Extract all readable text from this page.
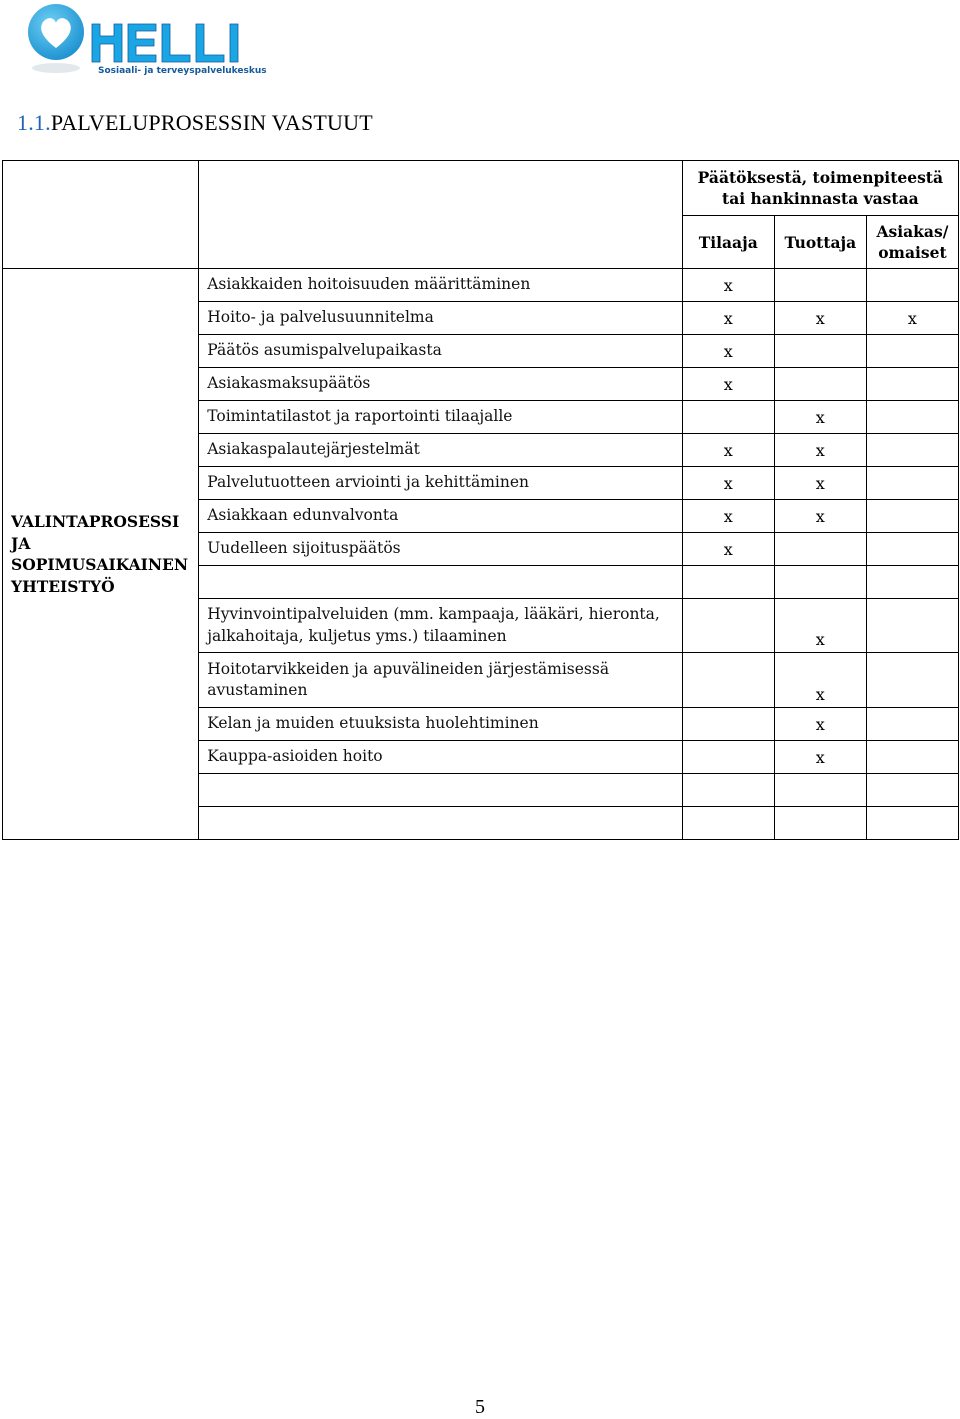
Sosiaali- ja terveyspalvelukeskus
1.1.PALVELUPROSESSIN VASTUUT
		Päätöksestä, toimenpiteestä tai hankinnasta vastaa		
		Tilaaja	Tuottaja	Asiakas/ omaiset
VALINTAPROSESSI JA SOPIMUSAIKAINEN YHTEISTYÖ	Asiakkaiden hoitoisuuden määrittäminen	x		
	Hoito- ja palvelusuunnitelma	x	x	x
	Päätös asumispalvelupaikasta	x		
	Asiakasmaksupäätös	x		
	Toimintatilastot ja raportointi tilaajalle		x	
	Asiakaspalautejärjestelmät	x	x	
	Palvelutuotteen arviointi ja kehittäminen	x	x	
	Asiakkaan edunvalvonta	x	x	
	Uudelleen sijoituspäätös	x		

	Hyvinvointipalveluiden (mm. kampaaja, lääkäri, hieronta, jalkahoitaja, kuljetus yms.) tilaaminen		x	
	Hoitotarvikkeiden ja apuvälineiden järjestämisessä avustaminen		x	
	Kelan ja muiden etuuksista huolehtiminen		x	
	Kauppa-asioiden hoito		x	

5
